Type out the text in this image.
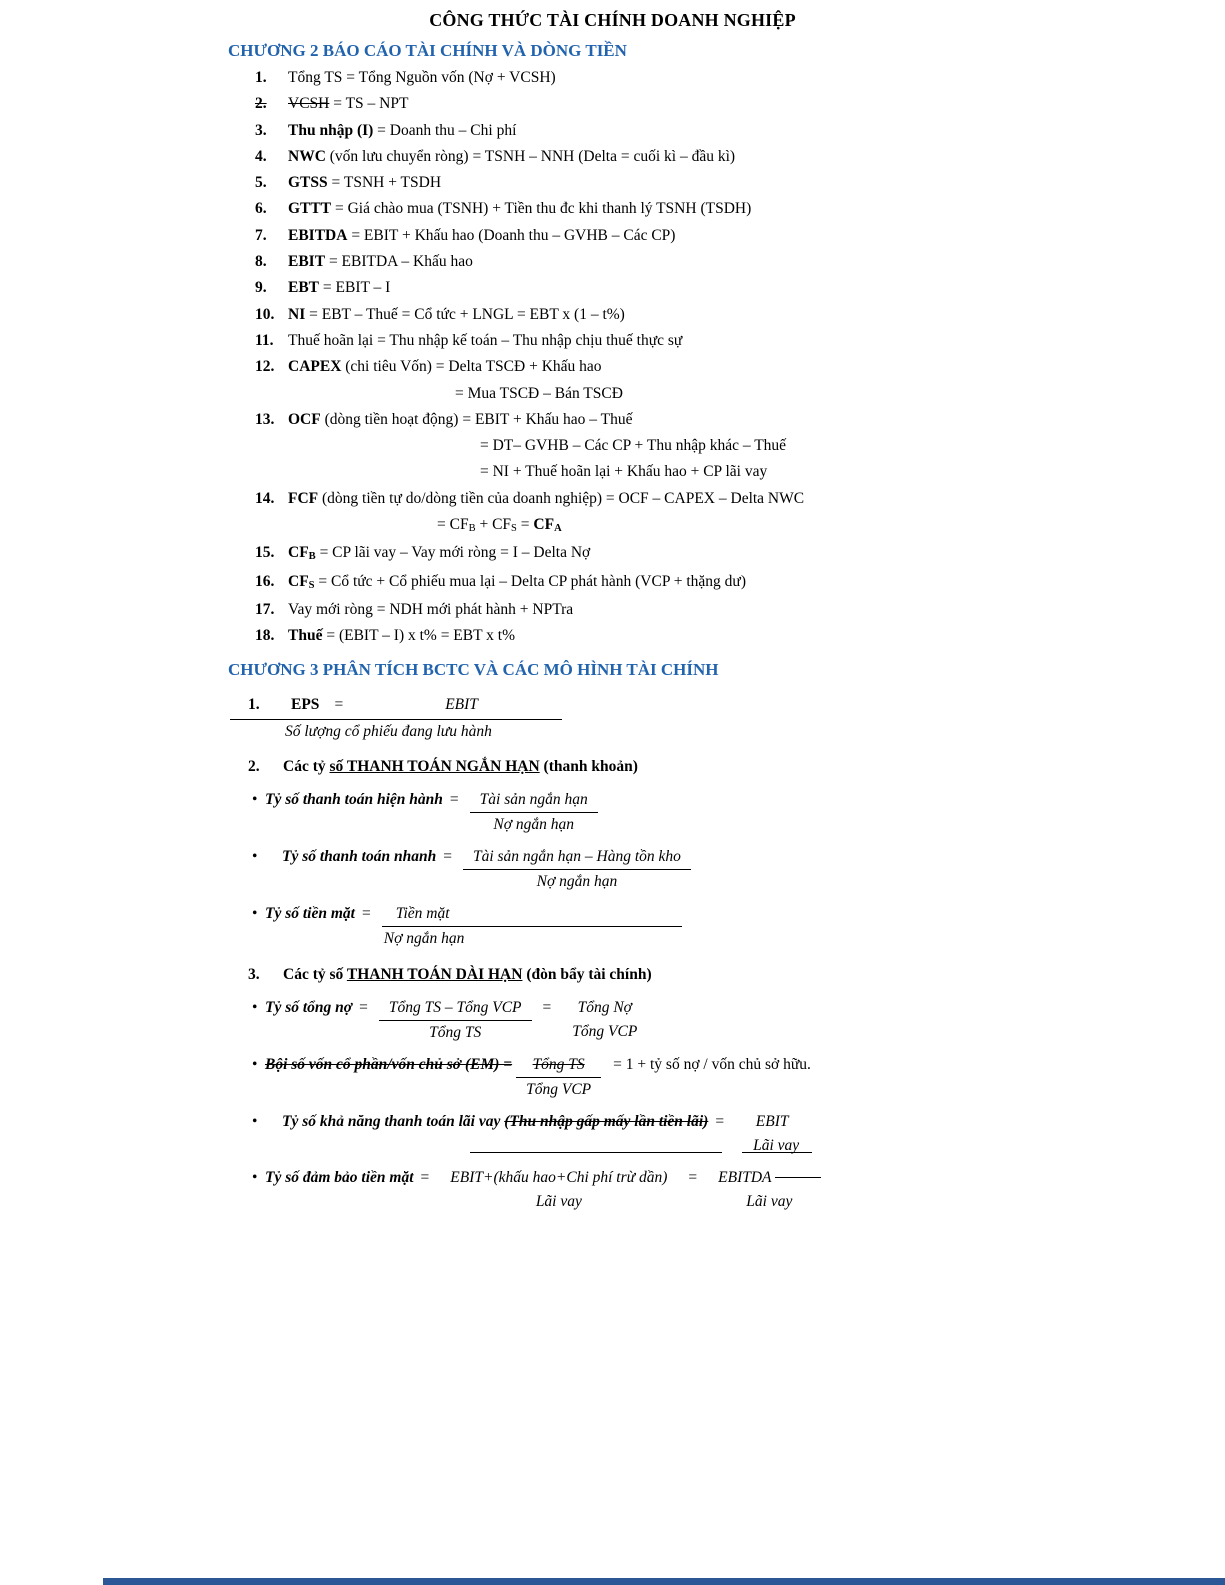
CÔNG THỨC TÀI CHÍNH DOANH NGHIỆP
CHƯƠNG 2 BÁO CÁO TÀI CHÍNH VÀ DÒNG TIỀN
1.	Tổng TS = Tổng Nguồn vốn (Nợ + VCSH)
2.	VCSH = TS – NPT
3.	Thu nhập (I) = Doanh thu – Chi phí
4.	NWC (vốn lưu chuyển ròng) = TSNH – NNH (Delta = cuối kì – đầu kì)
5.	GTSS = TSNH + TSDH
6.	GTTT = Giá chào mua (TSNH) + Tiền thu đc khi thanh lý TSNH (TSDH)
7.	EBITDA = EBIT + Khấu hao (Doanh thu – GVHB – Các CP)
8.	EBIT = EBITDA – Khấu hao
9.	EBT = EBIT – I
10. NI = EBT – Thuế = Cổ tức + LNGL = EBT x (1 – t%)
11. Thuế hoãn lại = Thu nhập kế toán – Thu nhập chịu thuế thực sự
12. CAPEX (chi tiêu Vốn) = Delta TSCĐ + Khấu hao
= Mua TSCĐ – Bán TSCĐ
13. OCF (dòng tiền hoạt động) = EBIT + Khấu hao – Thuế
= DT– GVHB – Các CP + Thu nhập khác – Thuế
= NI + Thuế hoãn lại + Khấu hao + CP lãi vay
14. FCF (dòng tiền tự do/dòng tiền của doanh nghiệp) = OCF – CAPEX – Delta NWC
= CFB + CFS = CFA
15. CFB = CP lãi vay – Vay mới ròng = I – Delta Nợ
16. CFS = Cổ tức + Cổ phiếu mua lại – Delta CP phát hành (VCP + thặng dư)
17. Vay mới ròng = NDH mới phát hành + NPTra
18. Thuế = (EBIT – I) x t% = EBT x t%
CHƯƠNG 3 PHÂN TÍCH BCTC VÀ CÁC MÔ HÌNH TÀI CHÍNH
1.	EPS =	EBIT
Số lượng cổ phiếu đang lưu hành
2.	Các tỷ số THANH TOÁN NGẮN HẠN (thanh khoản)
• Tỷ số thanh toán hiện hành = $\frac{\text{Tài sản ngắn hạn}}{\text{Nợ ngắn hạn}}$
•	Tỷ số thanh toán nhanh = $\frac{\text{Tài sản ngắn hạn – Hàng tồn kho}}{\text{Nợ ngắn hạn}}$
• Tỷ số tiền mặt = $\frac{\text{Tiền mặt}}{\text{Nợ ngắn hạn}}$
3.	Các tỷ số THANH TOÁN DÀI HẠN (đòn bẩy tài chính)
• Tỷ số tổng nợ = $\frac{\text{Tổng TS – Tổng VCP}}{\text{Tổng TS}}$ =	Tổng Nợ
Tổng VCP
• Bội số vốn cổ phần/vốn chủ sở $(EM) = \frac{\text{Tổng TS}}{\text{Tổng VCP}} = 1$ + tỷ số nợ / vốn chủ sở hữu.
•	Tỷ số khả năng thanh toán lãi vay (Thu nhập gấp mấy lần tiền lãi) =	EBIT
Lãi vay
• Tỷ số đảm bảo tiền mặt =	EBIT+(khấu hao+Chi phí trừ dần)
Lãi vay
=	EBITDA
Lãi vay
